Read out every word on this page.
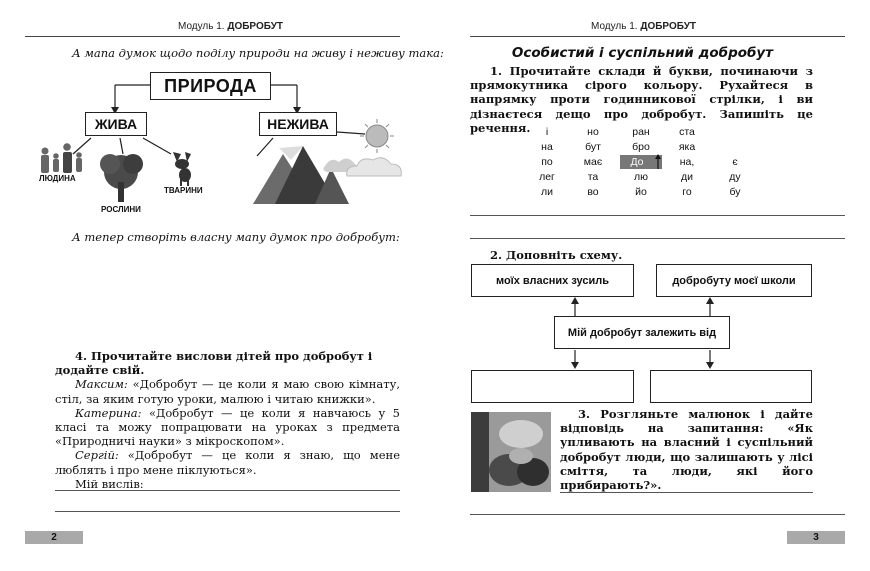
Модуль 1. ДОБРОБУТ
А мапа думок щодо поділу природи на живу і неживу така:
ПРИРОДА
ЖИВА	НЕЖИВА
ЛЮДИНА
РОСЛИНИ
ТВАРИНИ
А тепер створіть власну мапу думок про добробут:
4. Прочитайте вислови дітей про добробут і додайте свій.
Максим: «Добробут — це коли я маю свою кімнату, стіл, за яким готую уроки, малюю і читаю книжки».
Катерина: «Добробут — це коли я навчаюсь у 5 класі та можу попрацювати на уроках з предмета «Природничі науки» з мікроскопом».
Сергій: «Добробут — це коли я знаю, що мене люблять і про мене піклуються».
Мій вислів:
2
Модуль 1. ДОБРОБУТ
Особистий і суспільний добробут
1. Прочитайте склади й букви, починаючи з прямокутника сірого кольору. Рухайтеся в напрямку проти годинникової стрілки, і ви дізнаєтеся дещо про добробут. Запишіть це речення.	і	но	ран	ста
на	бут	бро	яка
по	має	До	на,	є
лег	та	лю	ди	ду
ли	во	йо	го	бу
2. Доповніть схему.
моїх власних зусиль	добробуту моєї школи
Мій добробут залежить від
3. Розгляньте малюнок і дайте відповідь на запитання: «Як упливають на власний і суспільний добробут люди, що залишають у лісі сміття, та люди, які його прибирають?».
3
